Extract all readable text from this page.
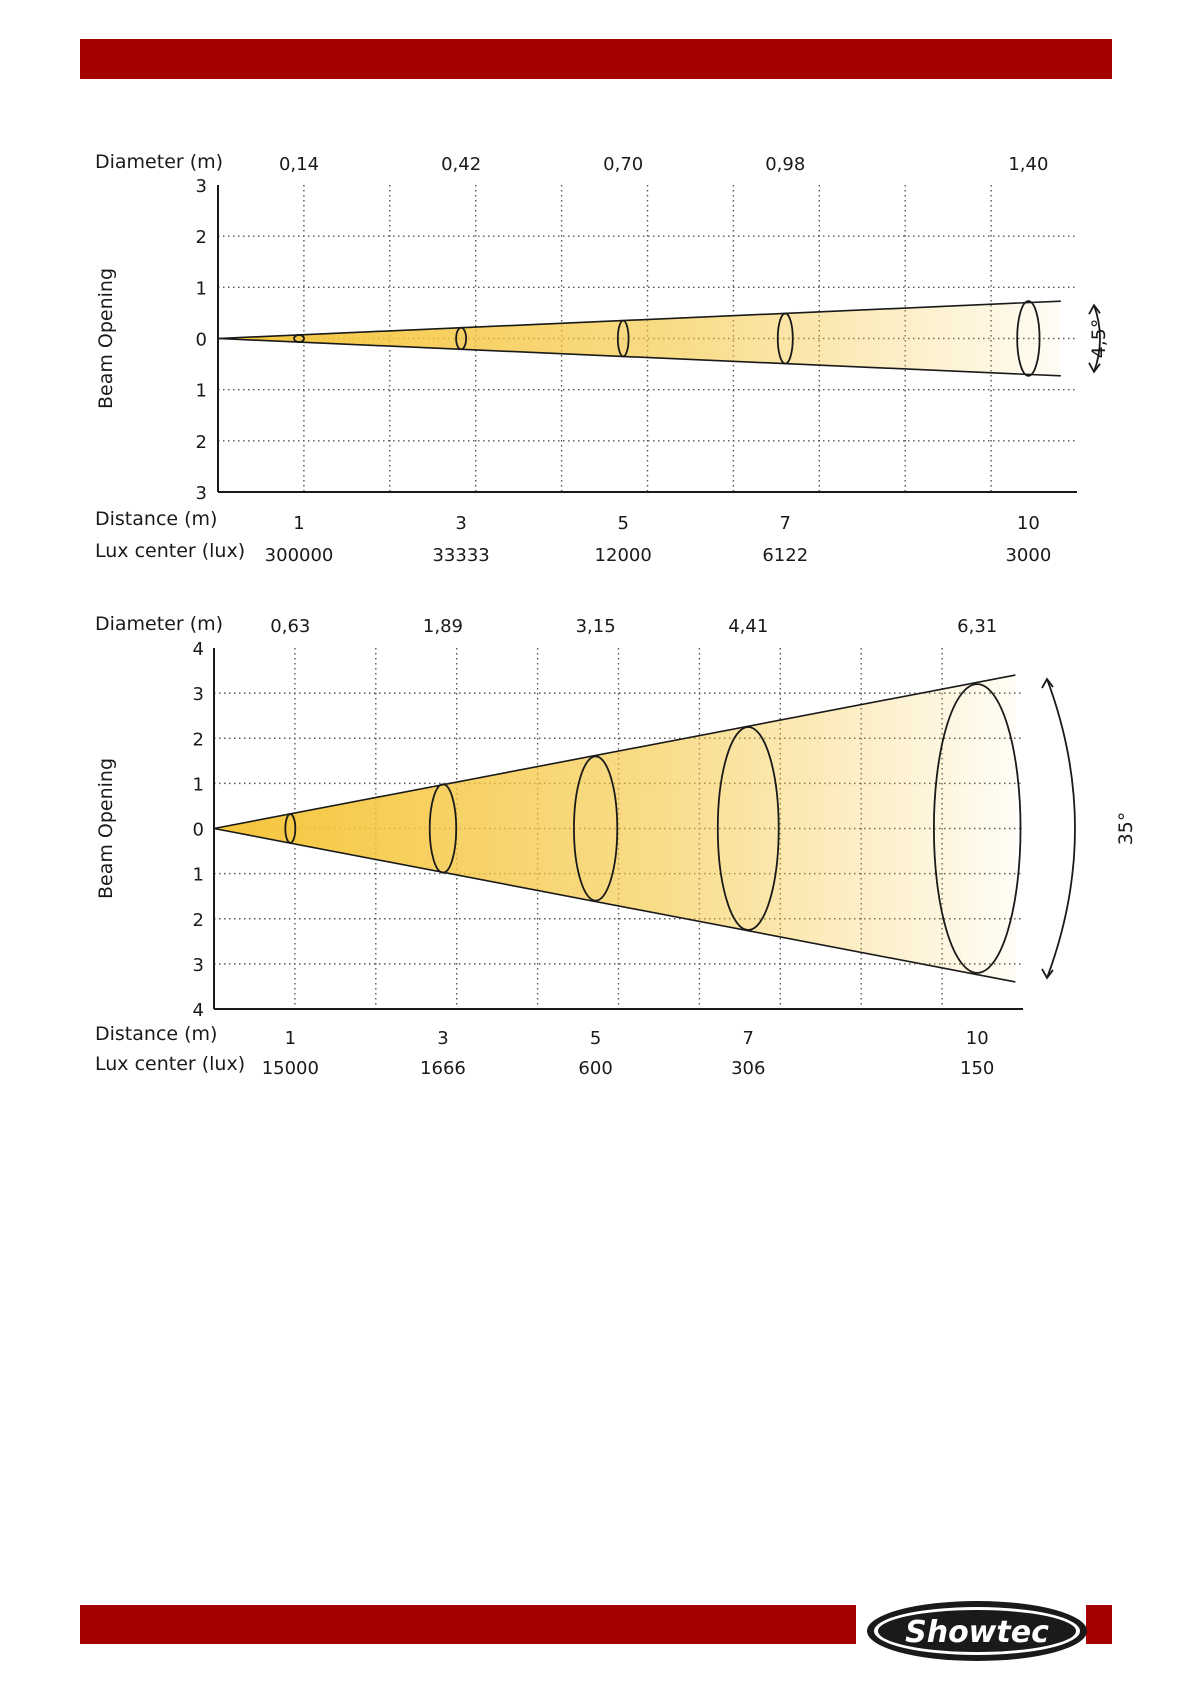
3
2
1
0
1
2
3
Beam Opening
Diameter (m)
Distance (m)
Lux center (lux)
0,14
1
300000
0,42
3
33333
0,70
5
12000
0,98
7
6122
1,40
10
3000
4,5°
4
3
2
1
0
1
2
3
4
Beam Opening
Diameter (m)
Distance (m)
Lux center (lux)
0,63
1
15000
1,89
3
1666
3,15
5
600
4,41
7
306
6,31
10
150
35°
Showtec
